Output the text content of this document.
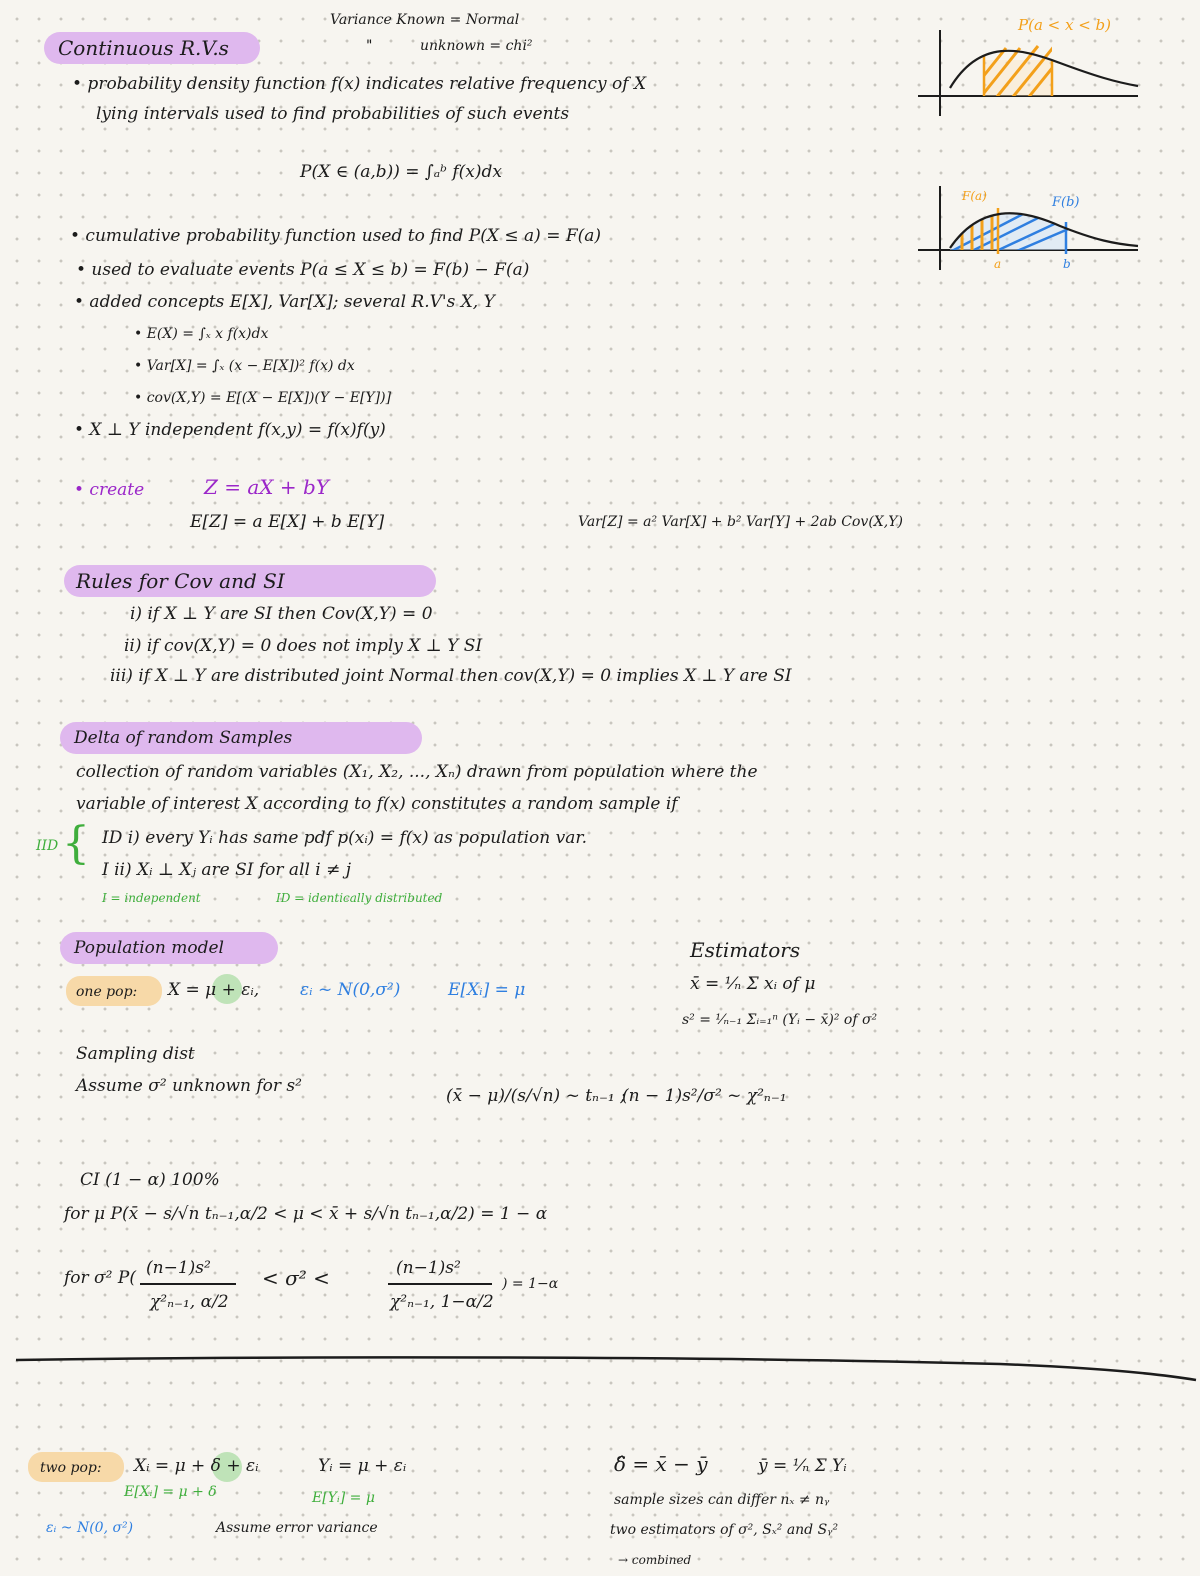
Variance Known = Normal
"	unknown = chi²
Continuous R.V.s
• probability density function f(x) indicates relative frequency of X
lying intervals used to find probabilities of such events
P(X ∈ (a,b)) = ∫ₐᵇ f(x)dx
• cumulative probability function used to find P(X ≤ a) = F(a)
• used to evaluate events P(a ≤ X ≤ b) = F(b) − F(a)
• added concepts E[X], Var[X]; several R.V's X, Y
• E(X) = ∫ₓ x f(x)dx
• Var[X] = ∫ₓ (x − E[X])² f(x) dx
• cov(X,Y) = E[(X − E[X])(Y − E[Y])]
• X ⊥ Y independent f(x,y) = f(x)f(y)
• create	Z = aX + bY
E[Z] = a E[X] + b E[Y]	Var[Z] = a² Var[X] + b² Var[Y] + 2ab Cov(X,Y)
P(a < x < b)
F(a)	F(b)
a	b
Rules for Cov and SI
i) if X ⊥ Y are SI then Cov(X,Y) = 0
ii) if cov(X,Y) = 0 does not imply X ⊥ Y SI
iii) if X ⊥ Y are distributed joint Normal then cov(X,Y) = 0 implies X ⊥ Y are SI
Delta of random Samples
collection of random variables (X₁, X₂, ..., Xₙ) drawn from population where the
variable of interest X according to f(x) constitutes a random sample if
IID { ID i) every Yᵢ has same pdf p(xᵢ) = f(x) as population var.
I ii) Xᵢ ⊥ Xⱼ are SI for all i ≠ j
I = independent	ID = identically distributed
Population model
one pop: X = μ + εᵢ, εᵢ ~ N(0,σ²)	E[Xᵢ] = μ
Estimators
x̄ = ¹⁄ₙ Σ xᵢ of μ
s² = ¹⁄ₙ₋₁ Σᵢ₌₁ⁿ (Yᵢ − x̄)² of σ²
Sampling dist
Assume σ² unknown for s²	(x̄ − μ)/(s/√n) ~ tₙ₋₁ ;
(n − 1)s²/σ² ~ χ²ₙ₋₁
CI (1 − α) 100%
for μ P(x̄ − s/√n tₙ₋₁,α/2 < μ < x̄ + s/√n tₙ₋₁,α/2) = 1 − α
for σ² P( (n−1)s²
χ²ₙ₋₁, α/2
< σ² <	(n−1)s²
χ²ₙ₋₁, 1−α/2
) = 1−α
two pop: Xᵢ = μ + δ + εᵢ	Yᵢ = μ + εᵢ
E[Xᵢ] = μ + δ	E[Yᵢ] = μ
εᵢ ~ N(0, σ²)	Assume error variance
δ̂ = x̄ − ȳ	ȳ = ¹⁄ₙ Σ Yᵢ
sample sizes can differ nₓ ≠ nᵧ
two estimators of σ², Sₓ² and Sᵧ²
→ combined
